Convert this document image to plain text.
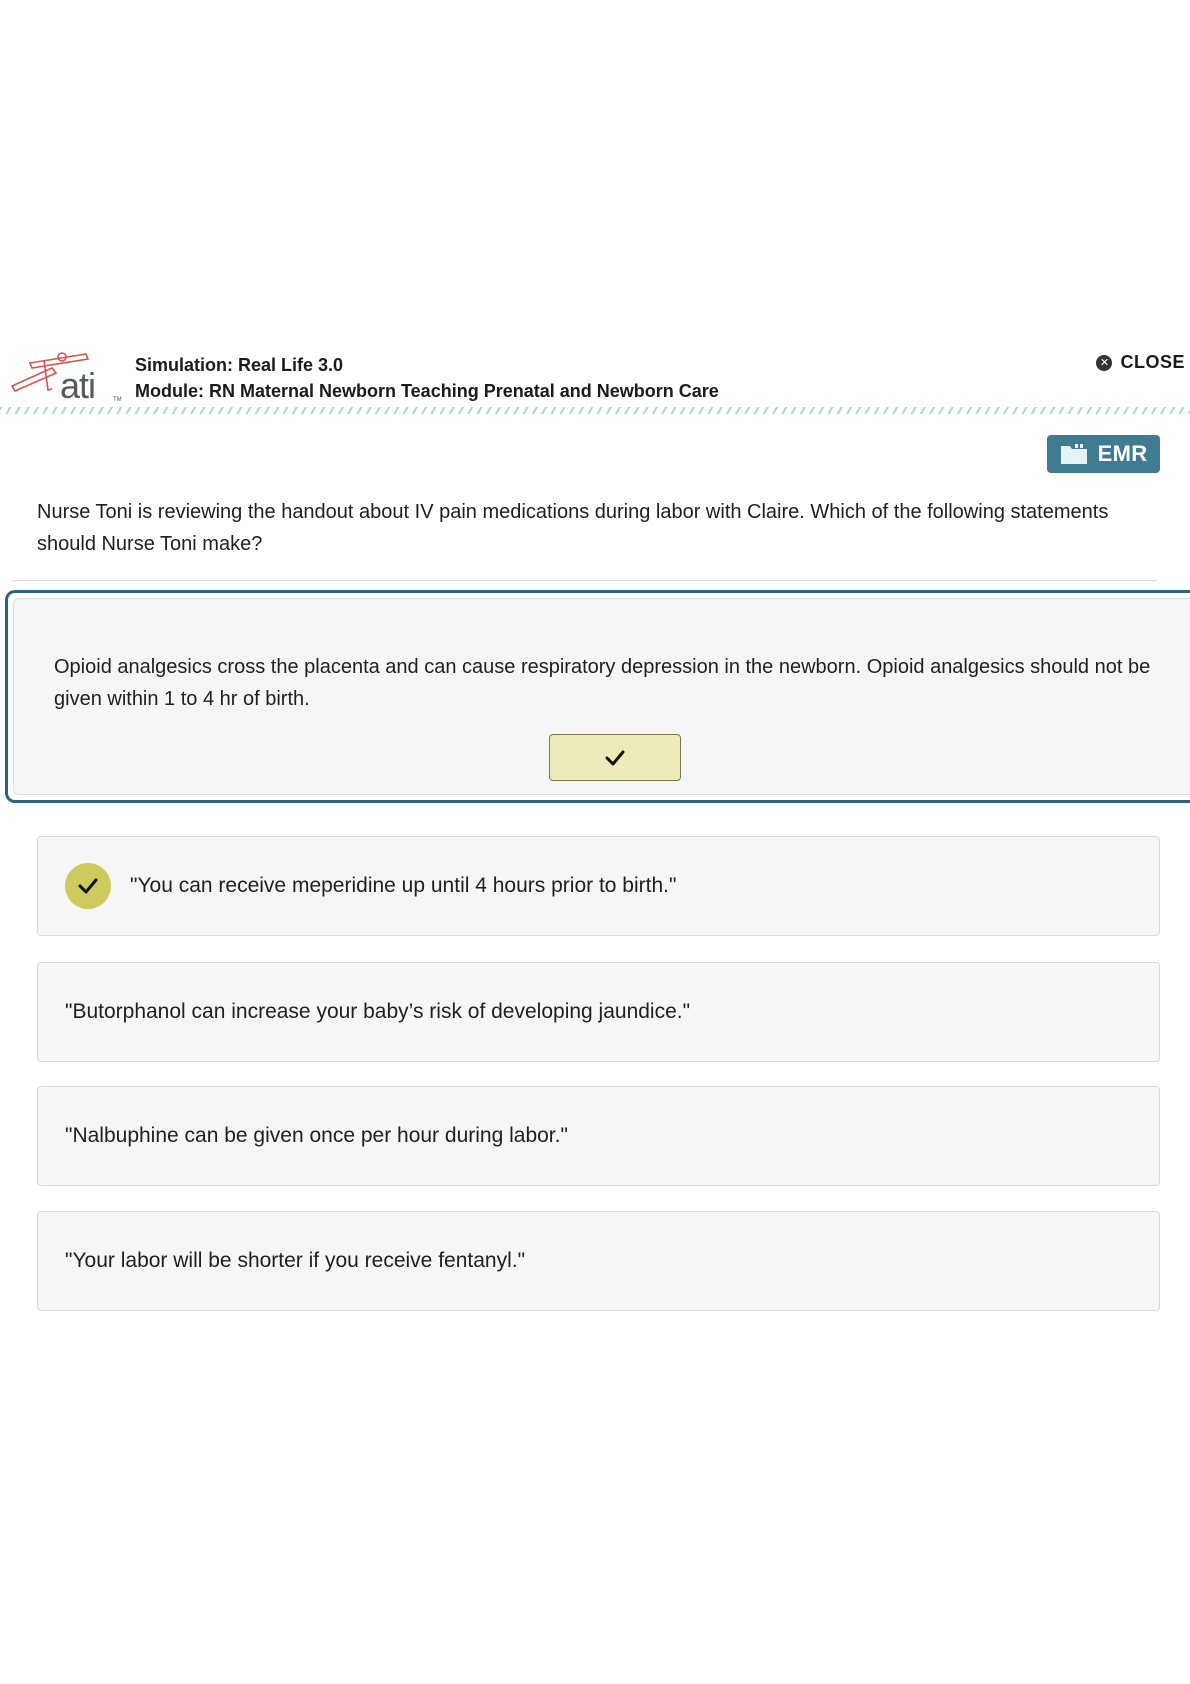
ati	TM
Simulation: Real Life 3.0
Module: RN Maternal Newborn Teaching Prenatal and Newborn Care
✕ CLOSE
EMR
Nurse Toni is reviewing the handout about IV pain medications during labor with Claire. Which of the following statements should Nurse Toni make?
Opioid analgesics cross the placenta and can cause respiratory depression in the newborn. Opioid analgesics should not be given within 1 to 4 hr of birth.
"You can receive meperidine up until 4 hours prior to birth."
"Butorphanol can increase your baby’s risk of developing jaundice."
"Nalbuphine can be given once per hour during labor."
"Your labor will be shorter if you receive fentanyl."
